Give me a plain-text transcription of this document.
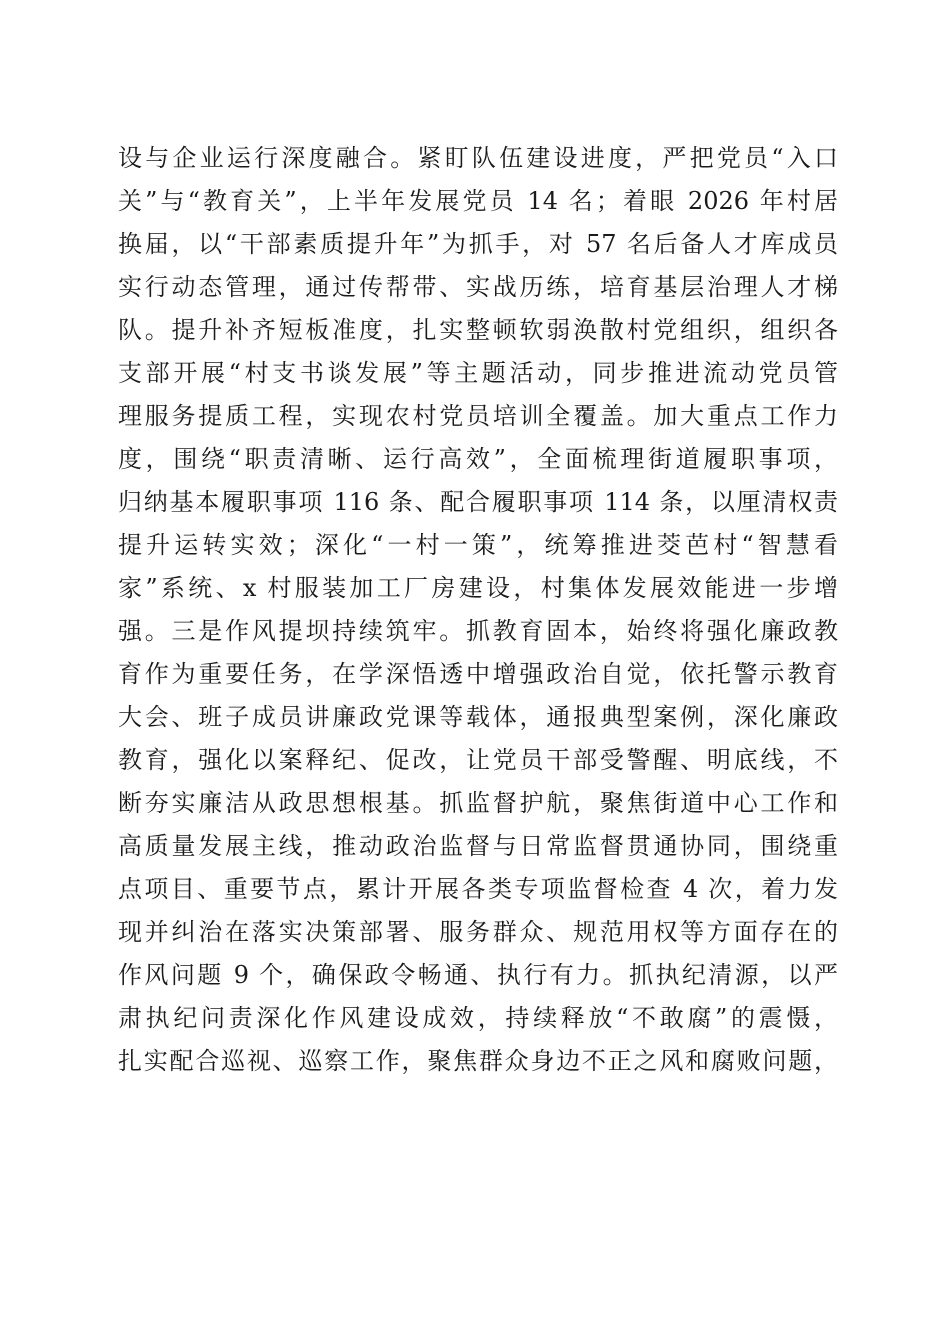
设与企业运行深度融合。紧盯队伍建设进度，严把党员“入口
关”与“教育关”，上半年发展党员 14 名；着眼 2026 年村居
换届，以“干部素质提升年”为抓手，对 57 名后备人才库成员
实行动态管理，通过传帮带、实战历练，培育基层治理人才梯
队。提升补齐短板准度，扎实整顿软弱涣散村党组织，组织各
支部开展“村支书谈发展”等主题活动，同步推进流动党员管
理服务提质工程，实现农村党员培训全覆盖。加大重点工作力
度，围绕“职责清晰、运行高效”，全面梳理街道履职事项，
归纳基本履职事项 116 条、配合履职事项 114 条，以厘清权责
提升运转实效；深化“一村一策”，统筹推进茭芭村“智慧看
家”系统、x 村服装加工厂房建设，村集体发展效能进一步增
强。三是作风提坝持续筑牢。抓教育固本，始终将强化廉政教
育作为重要任务，在学深悟透中增强政治自觉，依托警示教育
大会、班子成员讲廉政党课等载体，通报典型案例，深化廉政
教育，强化以案释纪、促改，让党员干部受警醒、明底线，不
断夯实廉洁从政思想根基。抓监督护航，聚焦街道中心工作和
高质量发展主线，推动政治监督与日常监督贯通协同，围绕重
点项目、重要节点，累计开展各类专项监督检查 4 次，着力发
现并纠治在落实决策部署、服务群众、规范用权等方面存在的
作风问题 9 个，确保政令畅通、执行有力。抓执纪清源，以严
肃执纪问责深化作风建设成效，持续释放“不敢腐”的震慑，
扎实配合巡视、巡察工作，聚焦群众身边不正之风和腐败问题，
